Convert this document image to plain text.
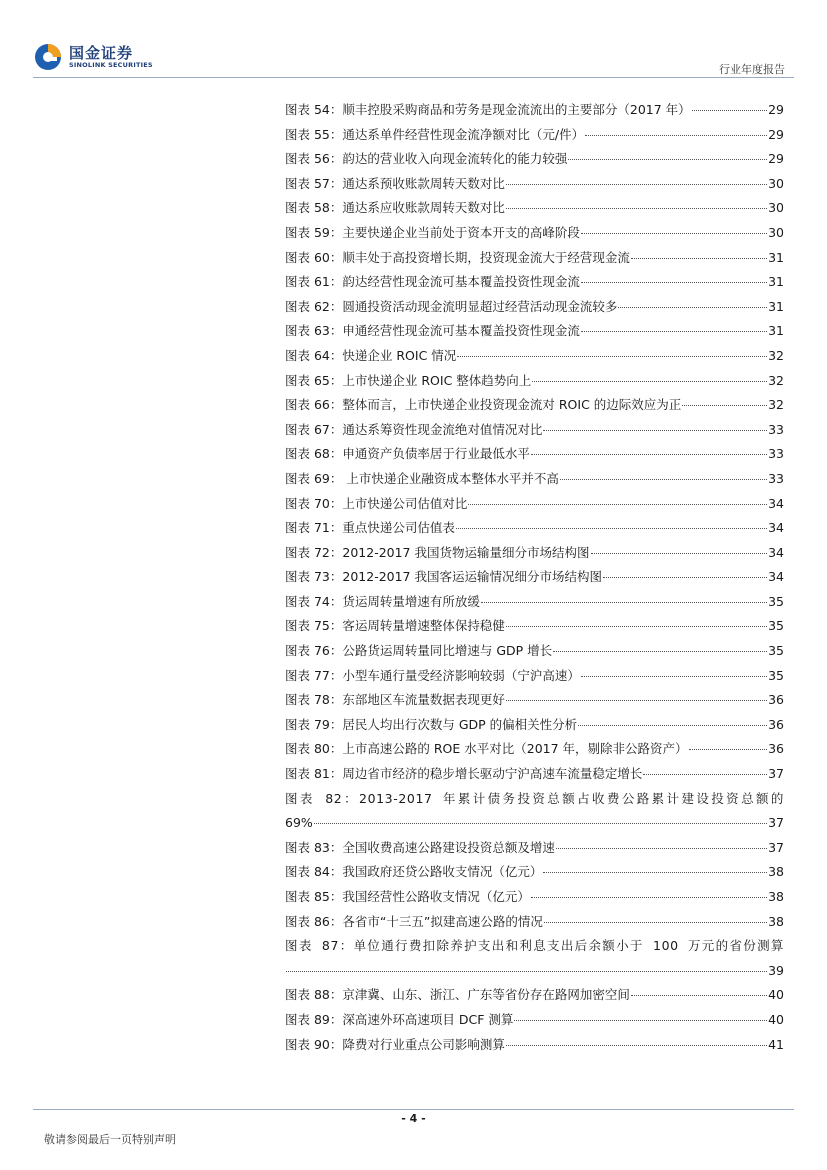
国金证券
SINOLINK SECURITIES	行业年度报告
图表 54：顺丰控股采购商品和劳务是现金流流出的主要部分（2017 年）	29
图表 55：通达系单件经营性现金流净额对比（元/件）	29
图表 56：韵达的营业收入向现金流转化的能力较强	29
图表 57：通达系预收账款周转天数对比	30
图表 58：通达系应收账款周转天数对比	30
图表 59：主要快递企业当前处于资本开支的高峰阶段	30
图表 60：顺丰处于高投资增长期，投资现金流大于经营现金流	31
图表 61：韵达经营性现金流可基本覆盖投资性现金流	31
图表 62：圆通投资活动现金流明显超过经营活动现金流较多	31
图表 63：申通经营性现金流可基本覆盖投资性现金流	31
图表 64：快递企业 ROIC 情况	32
图表 65：上市快递企业 ROIC 整体趋势向上	32
图表 66：整体而言，上市快递企业投资现金流对 ROIC 的边际效应为正	32
图表 67：通达系筹资性现金流绝对值情况对比	33
图表 68：申通资产负债率居于行业最低水平	33
图表 69： 上市快递企业融资成本整体水平并不高	33
图表 70：上市快递公司估值对比	34
图表 71：重点快递公司估值表	34
图表 72：2012-2017 我国货物运输量细分市场结构图	34
图表 73：2012-2017 我国客运运输情况细分市场结构图	34
图表 74：货运周转量增速有所放缓	35
图表 75：客运周转量增速整体保持稳健	35
图表 76：公路货运周转量同比增速与 GDP 增长	35
图表 77：小型车通行量受经济影响较弱（宁沪高速）	35
图表 78：东部地区车流量数据表现更好	36
图表 79：居民人均出行次数与 GDP 的偏相关性分析	36
图表 80：上市高速公路的 ROE 水平对比（2017 年，剔除非公路资产）	36
图表 81：周边省市经济的稳步增长驱动宁沪高速车流量稳定增长	37
图表 82：2013-2017 年累计债务投资总额占收费公路累计建设投资总额的
69%	37
图表 83：全国收费高速公路建设投资总额及增速	37
图表 84：我国政府还贷公路收支情况（亿元）	38
图表 85：我国经营性公路收支情况（亿元）	38
图表 86：各省市“十三五”拟建高速公路的情况	38
图表 87：单位通行费扣除养护支出和利息支出后余额小于 100 万元的省份测算
39
图表 88：京津冀、山东、浙江、广东等省份存在路网加密空间	40
图表 89：深高速外环高速项目 DCF 测算	40
图表 90：降费对行业重点公司影响测算	41
- 4 -
敬请参阅最后一页特别声明
